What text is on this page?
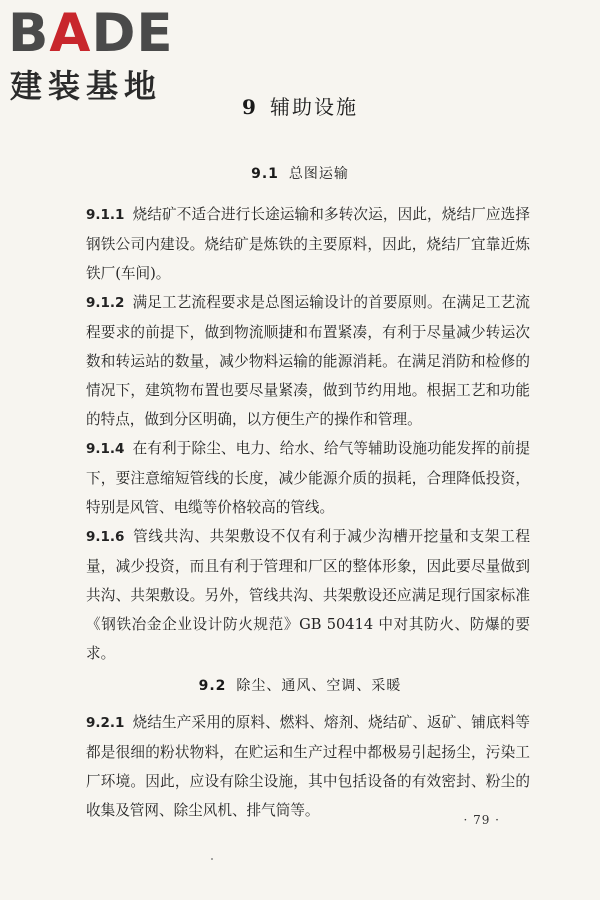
BADE
建装基地
9 辅助设施
9.1 总图运输

9.1.1 烧结矿不适合进行长途运输和多转次运，因此，烧结厂应选择钢铁公司内建设。烧结矿是炼铁的主要原料，因此，烧结厂宜靠近炼铁厂(车间)。

9.1.2 满足工艺流程要求是总图运输设计的首要原则。在满足工艺流程要求的前提下，做到物流顺捷和布置紧凑，有利于尽量减少转运次数和转运站的数量，减少物料运输的能源消耗。在满足消防和检修的情况下，建筑物布置也要尽量紧凑，做到节约用地。根据工艺和功能的特点，做到分区明确，以方便生产的操作和管理。

9.1.4 在有利于除尘、电力、给水、给气等辅助设施功能发挥的前提下，要注意缩短管线的长度，减少能源介质的损耗，合理降低投资，特别是风管、电缆等价格较高的管线。

9.1.6 管线共沟、共架敷设不仅有利于减少沟槽开挖量和支架工程量，减少投资，而且有利于管理和厂区的整体形象，因此要尽量做到共沟、共架敷设。另外，管线共沟、共架敷设还应满足现行国家标准《钢铁冶金企业设计防火规范》GB 50414 中对其防火、防爆的要求。

9.2 除尘、通风、空调、采暖

9.2.1 烧结生产采用的原料、燃料、熔剂、烧结矿、返矿、铺底料等都是很细的粉状物料，在贮运和生产过程中都极易引起扬尘，污染工厂环境。因此，应设有除尘设施，其中包括设备的有效密封、粉尘的收集及管网、除尘风机、排气筒等。

· 79 ·
